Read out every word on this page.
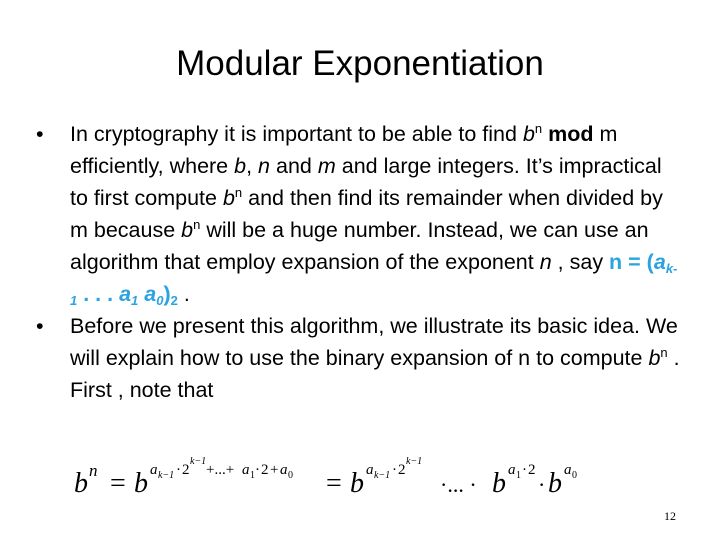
Modular Exponentiation
• In cryptography it is important to be able to find $b^n$ mod m efficiently, where b, n and m and large integers. It’s impractical to first compute $b^n$ and then find its remainder when divided by m because $b^n$ will be a huge number. Instead, we can use an algorithm that employ expansion of the exponent n , say $n = (a_{k-1}$ . . . $a_1$ $a_0)_2$ .
• Before we present this algorithm, we illustrate its basic idea. We will explain how to use the binary expansion of n to compute $b^n$ . First , note that
b n = b a k−1 · 2
k−1
+...+ a 1 · 2 + a 0 = b a k−1 · 2
k−1
·... · b a 1 · 2
· b a 0
12
